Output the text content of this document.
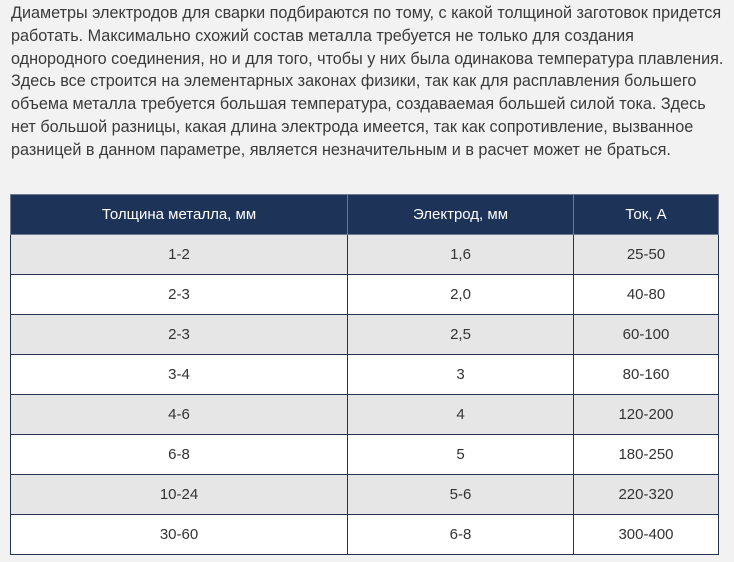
Диаметры электродов для сварки подбираются по тому, с какой толщиной заготовок придется работать. Максимально схожий состав металла требуется не только для создания однородного соединения, но и для того, чтобы у них была одинакова температура плавления. Здесь все строится на элементарных законах физики, так как для расплавления большего объема металла требуется большая температура, создаваемая большей силой тока. Здесь нет большой разницы, какая длина электрода имеется, так как сопротивление, вызванное разницей в данном параметре, является незначительным и в расчет может не браться.

Толщина металла, мм	Электрод, мм	Ток, А
1-2	1,6	25-50
2-3	2,0	40-80
2-3	2,5	60-100
3-4	3	80-160
4-6	4	120-200
6-8	5	180-250
10-24	5-6	220-320
30-60	6-8	300-400
